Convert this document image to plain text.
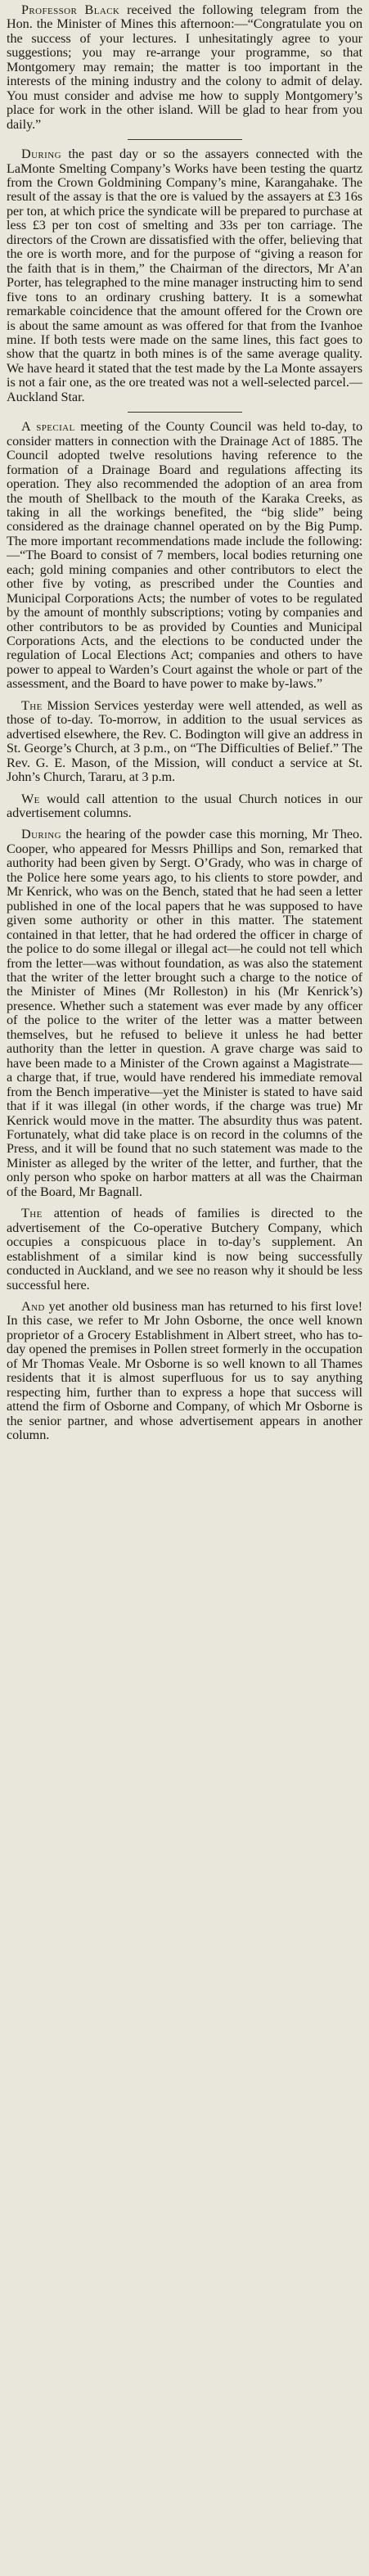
Professor Black received the following telegram from the Hon. the Minister of Mines this afternoon:—“Congratulate you on the success of your lectures. I unhesitatingly agree to your suggestions; you may re-arrange your programme, so that Montgomery may remain; the matter is too important in the interests of the mining industry and the colony to admit of delay. You must consider and advise me how to supply Montgomery’s place for work in the other island. Will be glad to hear from you daily.”

During the past day or so the assayers connected with the LaMonte Smelting Company’s Works have been testing the quartz from the Crown Goldmining Company’s mine, Karangahake. The result of the assay is that the ore is valued by the assayers at £3 16s per ton, at which price the syndicate will be prepared to purchase at less £3 per ton cost of smelting and 33s per ton carriage. The directors of the Crown are dissatisfied with the offer, believing that the ore is worth more, and for the purpose of “giving a reason for the faith that is in them,” the Chairman of the directors, Mr A’an Porter, has telegraphed to the mine manager instructing him to send five tons to an ordinary crushing battery. It is a somewhat remarkable coincidence that the amount offered for the Crown ore is about the same amount as was offered for that from the Ivanhoe mine. If both tests were made on the same lines, this fact goes to show that the quartz in both mines is of the same average quality. We have heard it stated that the test made by the La Monte assayers is not a fair one, as the ore treated was not a well-selected parcel.—Auckland Star.

A special meeting of the County Council was held to-day, to consider matters in connection with the Drainage Act of 1885. The Council adopted twelve resolutions having reference to the formation of a Drainage Board and regulations affecting its operation. They also recommended the adoption of an area from the mouth of Shellback to the mouth of the Karaka Creeks, as taking in all the workings benefited, the “big slide” being considered as the drainage channel operated on by the Big Pump. The more important recommendations made include the following:—“The Board to consist of 7 members, local bodies returning one each; gold mining companies and other contributors to elect the other five by voting, as prescribed under the Counties and Municipal Corporations Acts; the number of votes to be regulated by the amount of monthly subscriptions; voting by companies and other contributors to be as provided by Counties and Municipal Corporations Acts, and the elections to be conducted under the regulation of Local Elections Act; companies and others to have power to appeal to Warden’s Court against the whole or part of the assessment, and the Board to have power to make by-laws.”

The Mission Services yesterday were well attended, as well as those of to-day. To-morrow, in addition to the usual services as advertised elsewhere, the Rev. C. Bodington will give an address in St. George’s Church, at 3 p.m., on “The Difficulties of Belief.” The Rev. G. E. Mason, of the Mission, will conduct a service at St. John’s Church, Tararu, at 3 p.m.

We would call attention to the usual Church notices in our advertisement columns.

During the hearing of the powder case this morning, Mr Theo. Cooper, who appeared for Messrs Phillips and Son, remarked that authority had been given by Sergt. O’Grady, who was in charge of the Police here some years ago, to his clients to store powder, and Mr Kenrick, who was on the Bench, stated that he had seen a letter published in one of the local papers that he was supposed to have given some authority or other in this matter. The statement contained in that letter, that he had ordered the officer in charge of the police to do some illegal or illegal act—he could not tell which from the letter—was without foundation, as was also the statement that the writer of the letter brought such a charge to the notice of the Minister of Mines (Mr Rolleston) in his (Mr Kenrick’s) presence. Whether such a statement was ever made by any officer of the police to the writer of the letter was a matter between themselves, but he refused to believe it unless he had better authority than the letter in question. A grave charge was said to have been made to a Minister of the Crown against a Magistrate—a charge that, if true, would have rendered his immediate removal from the Bench imperative—yet the Minister is stated to have said that if it was illegal (in other words, if the charge was true) Mr Kenrick would move in the matter. The absurdity thus was patent. Fortunately, what did take place is on record in the columns of the Press, and it will be found that no such statement was made to the Minister as alleged by the writer of the letter, and further, that the only person who spoke on harbor matters at all was the Chairman of the Board, Mr Bagnall.

The attention of heads of families is directed to the advertisement of the Co-operative Butchery Company, which occupies a conspicuous place in to-day’s supplement. An establishment of a similar kind is now being successfully conducted in Auckland, and we see no reason why it should be less successful here.

And yet another old business man has returned to his first love! In this case, we refer to Mr John Osborne, the once well known proprietor of a Grocery Establishment in Albert street, who has to-day opened the premises in Pollen street formerly in the occupation of Mr Thomas Veale. Mr Osborne is so well known to all Thames residents that it is almost superfluous for us to say anything respecting him, further than to express a hope that success will attend the firm of Osborne and Company, of which Mr Osborne is the senior partner, and whose advertisement appears in another column.
